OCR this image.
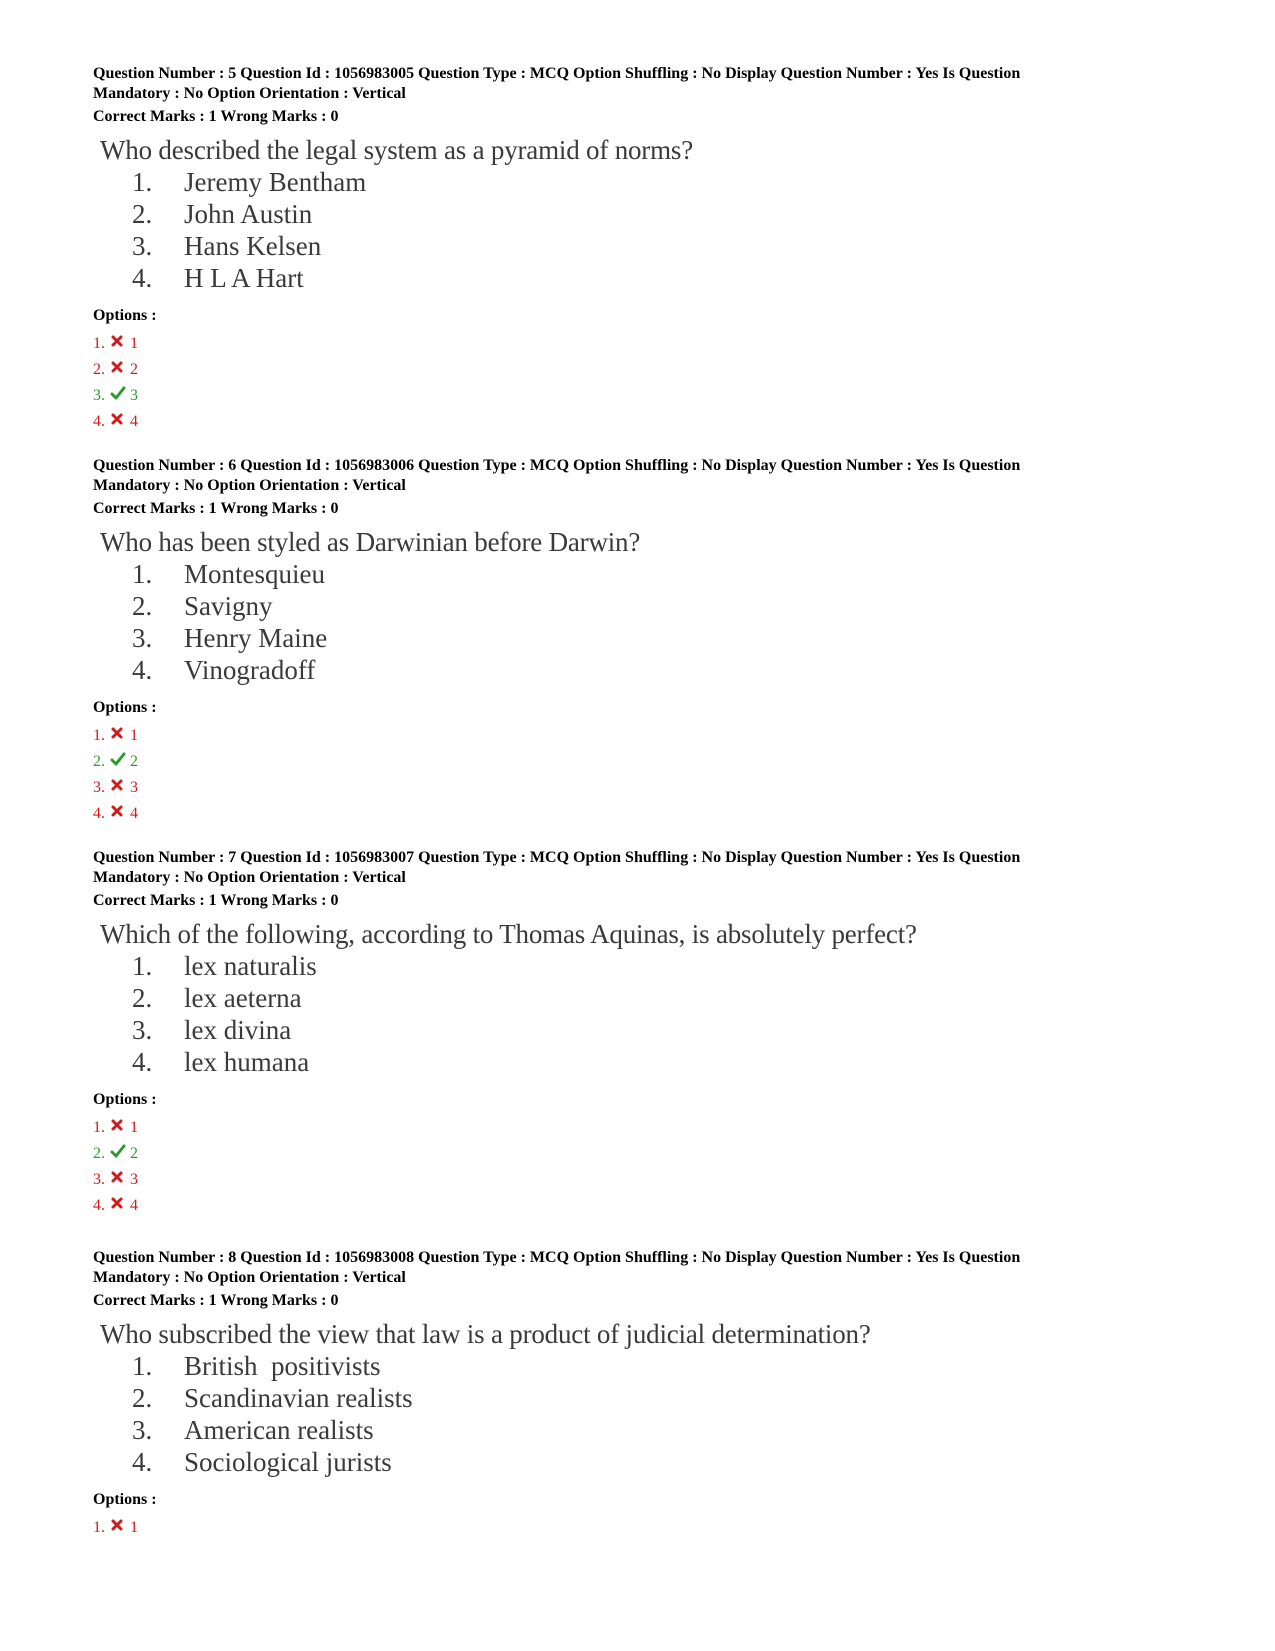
Question Number : 5 Question Id : 1056983005 Question Type : MCQ Option Shuffling : No Display Question Number : Yes Is Question
Mandatory : No Option Orientation : Vertical
Correct Marks : 1 Wrong Marks : 0
Who described the legal system as a pyramid of norms?
1.	Jeremy Bentham
2.	John Austin
3.	Hans Kelsen
4.	H L A Hart
Options :
1. 1
2. 2
3. 3
4. 4
Question Number : 6 Question Id : 1056983006 Question Type : MCQ Option Shuffling : No Display Question Number : Yes Is Question
Mandatory : No Option Orientation : Vertical
Correct Marks : 1 Wrong Marks : 0
Who has been styled as Darwinian before Darwin?
1.	Montesquieu
2.	Savigny
3.	Henry Maine
4.	Vinogradoff
Options :
1. 1
2. 2
3. 3
4. 4
Question Number : 7 Question Id : 1056983007 Question Type : MCQ Option Shuffling : No Display Question Number : Yes Is Question
Mandatory : No Option Orientation : Vertical
Correct Marks : 1 Wrong Marks : 0
Which of the following, according to Thomas Aquinas, is absolutely perfect?
1.	lex naturalis
2.	lex aeterna
3.	lex divina
4.	lex humana
Options :
1. 1
2. 2
3. 3
4. 4
Question Number : 8 Question Id : 1056983008 Question Type : MCQ Option Shuffling : No Display Question Number : Yes Is Question
Mandatory : No Option Orientation : Vertical
Correct Marks : 1 Wrong Marks : 0
Who subscribed the view that law is a product of judicial determination?
1.	British  positivists
2.	Scandinavian realists
3.	American realists
4.	Sociological jurists
Options :
1. 1
